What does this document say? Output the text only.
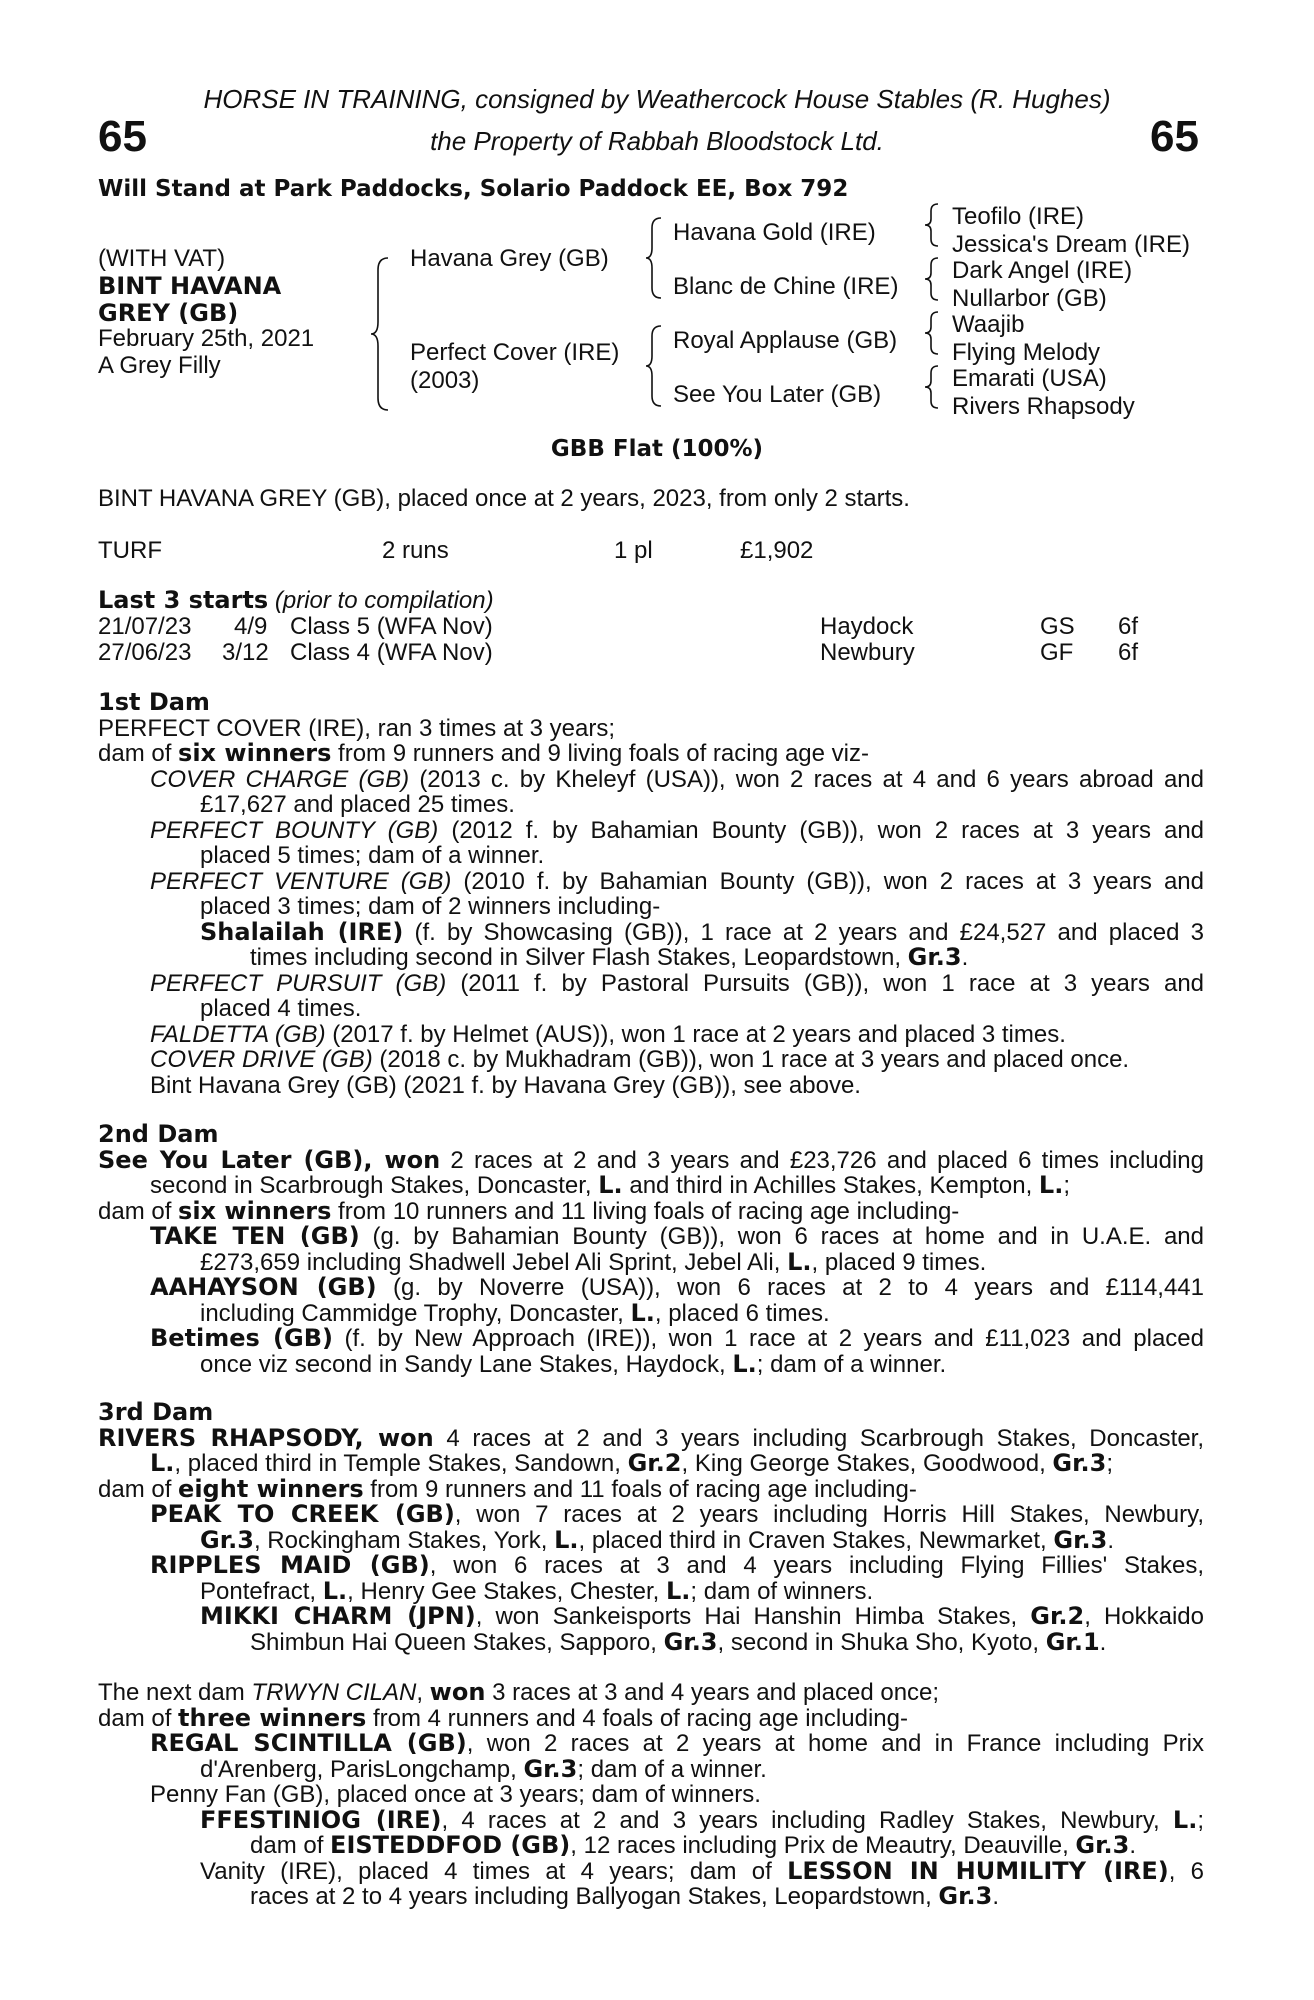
HORSE IN TRAINING, consigned by Weathercock House Stables (R. Hughes)
the Property of Rabbah Bloodstock Ltd.
65	65
Will Stand at Park Paddocks, Solario Paddock EE, Box 792
(WITH VAT)
BINT HAVANA
GREY (GB)
February 25th, 2021
A Grey Filly
Havana Grey (GB)
Perfect Cover (IRE)
(2003)
Havana Gold (IRE)
Blanc de Chine (IRE)
Royal Applause (GB)
See You Later (GB)
Teofilo (IRE)
Jessica's Dream (IRE)
Dark Angel (IRE)
Nullarbor (GB)
Waajib
Flying Melody
Emarati (USA)
Rivers Rhapsody
GBB Flat (100%)
BINT HAVANA GREY (GB), placed once at 2 years, 2023, from only 2 starts.
TURF	2 runs	1 pl	£1,902
Last 3 starts (prior to compilation)
21/07/23 4/9 Class 5 (WFA Nov)	Haydock	GS 6f
27/06/23 3/12 Class 4 (WFA Nov)	Newbury	GF 6f
1st Dam
PERFECT COVER (IRE), ran 3 times at 3 years;
dam of six winners from 9 runners and 9 living foals of racing age viz-
COVER CHARGE (GB) (2013 c. by Kheleyf (USA)), won 2 races at 4 and 6 years abroad and
£17,627 and placed 25 times.
PERFECT BOUNTY (GB) (2012 f. by Bahamian Bounty (GB)), won 2 races at 3 years and
placed 5 times; dam of a winner.
PERFECT VENTURE (GB) (2010 f. by Bahamian Bounty (GB)), won 2 races at 3 years and
placed 3 times; dam of 2 winners including-
Shalailah (IRE) (f. by Showcasing (GB)), 1 race at 2 years and £24,527 and placed 3
times including second in Silver Flash Stakes, Leopardstown, Gr.3.
PERFECT PURSUIT (GB) (2011 f. by Pastoral Pursuits (GB)), won 1 race at 3 years and
placed 4 times.
FALDETTA (GB) (2017 f. by Helmet (AUS)), won 1 race at 2 years and placed 3 times.
COVER DRIVE (GB) (2018 c. by Mukhadram (GB)), won 1 race at 3 years and placed once.
Bint Havana Grey (GB) (2021 f. by Havana Grey (GB)), see above.
2nd Dam
See You Later (GB), won 2 races at 2 and 3 years and £23,726 and placed 6 times including
second in Scarbrough Stakes, Doncaster, L. and third in Achilles Stakes, Kempton, L.;
dam of six winners from 10 runners and 11 living foals of racing age including-
TAKE TEN (GB) (g. by Bahamian Bounty (GB)), won 6 races at home and in U.A.E. and
£273,659 including Shadwell Jebel Ali Sprint, Jebel Ali, L., placed 9 times.
AAHAYSON (GB) (g. by Noverre (USA)), won 6 races at 2 to 4 years and £114,441
including Cammidge Trophy, Doncaster, L., placed 6 times.
Betimes (GB) (f. by New Approach (IRE)), won 1 race at 2 years and £11,023 and placed
once viz second in Sandy Lane Stakes, Haydock, L.; dam of a winner.
3rd Dam
RIVERS RHAPSODY, won 4 races at 2 and 3 years including Scarbrough Stakes, Doncaster,
L., placed third in Temple Stakes, Sandown, Gr.2, King George Stakes, Goodwood, Gr.3;
dam of eight winners from 9 runners and 11 foals of racing age including-
PEAK TO CREEK (GB), won 7 races at 2 years including Horris Hill Stakes, Newbury,
Gr.3, Rockingham Stakes, York, L., placed third in Craven Stakes, Newmarket, Gr.3.
RIPPLES MAID (GB), won 6 races at 3 and 4 years including Flying Fillies' Stakes,
Pontefract, L., Henry Gee Stakes, Chester, L.; dam of winners.
MIKKI CHARM (JPN), won Sankeisports Hai Hanshin Himba Stakes, Gr.2, Hokkaido
Shimbun Hai Queen Stakes, Sapporo, Gr.3, second in Shuka Sho, Kyoto, Gr.1.
The next dam TRWYN CILAN, won 3 races at 3 and 4 years and placed once;
dam of three winners from 4 runners and 4 foals of racing age including-
REGAL SCINTILLA (GB), won 2 races at 2 years at home and in France including Prix
d'Arenberg, ParisLongchamp, Gr.3; dam of a winner.
Penny Fan (GB), placed once at 3 years; dam of winners.
FFESTINIOG (IRE), 4 races at 2 and 3 years including Radley Stakes, Newbury, L.;
dam of EISTEDDFOD (GB), 12 races including Prix de Meautry, Deauville, Gr.3.
Vanity (IRE), placed 4 times at 4 years; dam of LESSON IN HUMILITY (IRE), 6
races at 2 to 4 years including Ballyogan Stakes, Leopardstown, Gr.3.
